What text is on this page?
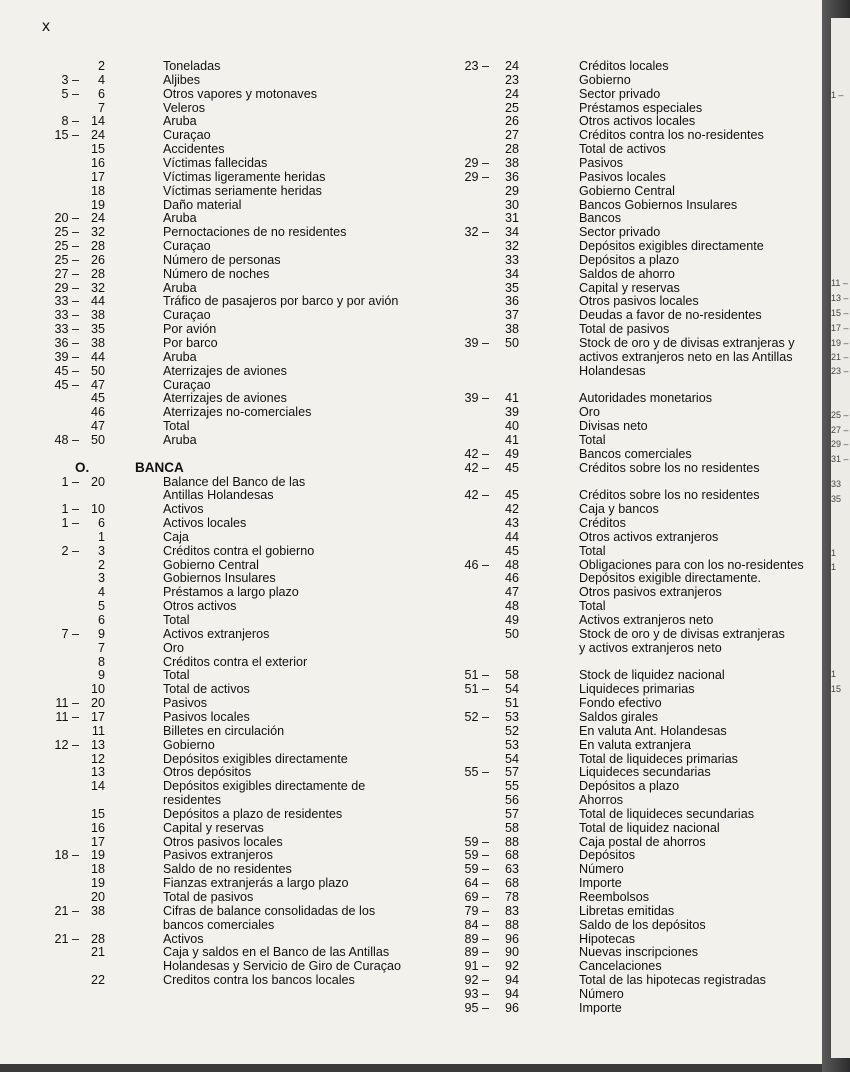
x
2	Toneladas
3 –	4	Aljibes
5 –	6	Otros vapores y motonaves
7	Veleros
8 – 14	Aruba
15 – 24	Curaçao
15	Accidentes
16	Víctimas fallecidas
17	Víctimas ligeramente heridas
18	Víctimas seriamente heridas
19	Daño material
20 – 24	Aruba
25 – 32	Pernoctaciones de no residentes
25 – 28	Curaçao
25 – 26	Número de personas
27 – 28	Número de noches
29 – 32	Aruba
33 – 44	Tráfico de pasajeros por barco y por avión
33 – 38	Curaçao
33 – 35	Por avión
36 – 38	Por barco
39 – 44	Aruba
45 – 50	Aterrizajes de aviones
45 – 47	Curaçao
45	Aterrizajes de aviones
46	Aterrizajes no-comerciales
47	Total
48 – 50	Aruba
O.	BANCA
1 – 20	Balance del Banco de las
Antillas Holandesas
1 – 10	Activos
1 –	6	Activos locales
1	Caja
2 –	3	Créditos contra el gobierno
2	Gobierno Central
3	Gobiernos Insulares
4	Préstamos a largo plazo
5	Otros activos
6	Total
7 –	9	Activos extranjeros
7	Oro
8	Créditos contra el exterior
9	Total
10	Total de activos
11 – 20	Pasivos
11 – 17	Pasivos locales
11	Billetes en circulación
12 – 13	Gobierno
12	Depósitos exigibles directamente
13	Otros depósitos
14	Depósitos exigibles directamente de
residentes
15	Depósitos a plazo de residentes
16	Capital y reservas
17	Otros pasivos locales
18 – 19	Pasivos extranjeros
18	Saldo de no residentes
19	Fianzas extranjerás a largo plazo
20	Total de pasivos
21 – 38	Cifras de balance consolidadas de los
bancos comerciales
21 – 28	Activos
21	Caja y saldos en el Banco de las Antillas
Holandesas y Servicio de Giro de Curaçao
22	Creditos contra los bancos locales
23 –	24	Créditos locales
23	Gobierno
24	Sector privado
25	Préstamos especiales
26	Otros activos locales
27	Créditos contra los no-residentes
28	Total de activos
29 –	38	Pasivos
29 –	36	Pasivos locales
29	Gobierno Central
30	Bancos Gobiernos Insulares
31	Bancos
32 –	34	Sector privado
32	Depósitos exigibles directamente
33	Depósitos a plazo
34	Saldos de ahorro
35	Capital y reservas
36	Otros pasivos locales
37	Deudas a favor de no-residentes
38	Total de pasivos
39 –	50	Stock de oro y de divisas extranjeras y
activos extranjeros neto en las Antillas
Holandesas
39 –	41	Autoridades monetarios
39	Oro
40	Divisas neto
41	Total
42 –	49	Bancos comerciales
42 –	45	Créditos sobre los no residentes
42 –	45	Créditos sobre los no residentes
42	Caja y bancos
43	Créditos
44	Otros activos extranjeros
45	Total
46 –	48	Obligaciones para con los no-residentes
46	Depósitos exigible directamente.
47	Otros pasivos extranjeros
48	Total
49	Activos extranjeros neto
50	Stock de oro y de divisas extranjeras
y activos extranjeros neto
51 –	58	Stock de liquidez nacional
51 –	54	Liquideces primarias
51	Fondo efectivo
52 –	53	Saldos girales
52	En valuta Ant. Holandesas
53	En valuta extranjera
54	Total de liquideces primarias
55 –	57	Liquideces secundarias
55	Depósitos a plazo
56	Ahorros
57	Total de liquideces secundarias
58	Total de liquidez nacional
59 –	88	Caja postal de ahorros
59 –	68	Depósitos
59 –	63	Número
64 –	68	Importe
69 –	78	Reembolsos
79 –	83	Libretas emitidas
84 –	88	Saldo de los depósitos
89 –	96	Hipotecas
89 –	90	Nuevas inscripciones
91 –	92	Cancelaciones
92 –	94	Total de las hipotecas registradas
93 –	94	Número
95 –	96	Importe
1 –
11 –
13 –
15 –
17 –
19 –
21 –
23 –
25 –
27 –
29 –
31 –
33
35
1
1
1
15
